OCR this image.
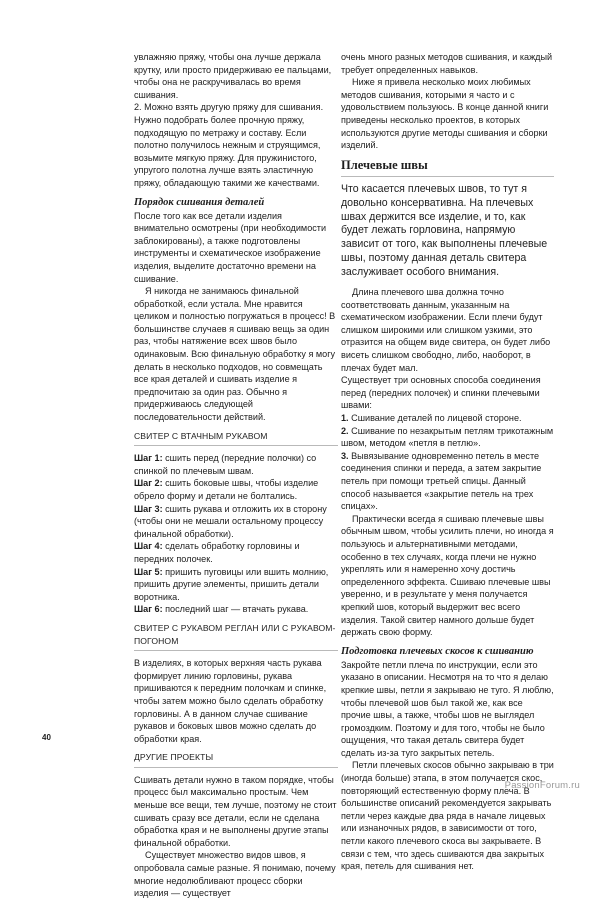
увлажняю пряжу, чтобы она лучше держала крутку, или просто придерживаю ее пальцами, чтобы она не раскручивалась во время сшивания.

2. Можно взять другую пряжу для сшивания. Нужно подобрать более прочную пряжу, подходящую по метражу и составу. Если полотно получилось нежным и струящимся, возьмите мягкую пряжу. Для пружинистого, упругого полотна лучше взять эластичную пряжу, обладающую такими же качествами.

Порядок сшивания деталей

После того как все детали изделия внимательно осмотрены (при необходимости заблокированы), а также подготовлены инструменты и схематическое изображение изделия, выделите достаточно времени на сшивание.

Я никогда не занимаюсь финальной обработкой, если устала. Мне нравится целиком и полностью погружаться в процесс! В большинстве случаев я сшиваю вещь за один раз, чтобы натяжение всех швов было одинаковым. Всю финальную обработку я могу делать в несколько подходов, но совмещать все края деталей и сшивать изделие я предпочитаю за один раз. Обычно я придерживаюсь следующей последовательности действий.

СВИТЕР С ВТАЧНЫМ РУКАВОМ

Шаг 1: сшить перед (передние полочки) со спинкой по плечевым швам.

Шаг 2: сшить боковые швы, чтобы изделие обрело форму и детали не болтались.

Шаг 3: сшить рукава и отложить их в сторону (чтобы они не мешали остальному процессу финальной обработки).

Шаг 4: сделать обработку горловины и передних полочек.

Шаг 5: пришить пуговицы или вшить молнию, пришить другие элементы, пришить детали воротника.

Шаг 6: последний шаг — втачать рукава.

СВИТЕР С РУКАВОМ РЕГЛАН ИЛИ С РУКАВОМ-ПОГОНОМ

В изделиях, в которых верхняя часть рукава формирует линию горловины, рукава пришиваются к передним полочкам и спинке, чтобы затем можно было сделать обработку горловины. А в данном случае сшивание рукавов и боковых швов можно сделать до обработки края.

ДРУГИЕ ПРОЕКТЫ

Сшивать детали нужно в таком порядке, чтобы процесс был максимально простым. Чем меньше все вещи, тем лучше, поэтому не стоит сшивать сразу все детали, если не сделана обработка края и не выполнены другие этапы финальной обработки.

Существует множество видов швов, я опробовала самые разные. Я понимаю, почему многие недолюбливают процесс сборки изделия — существует

очень много разных методов сшивания, и каждый требует определенных навыков.

Ниже я привела несколько моих любимых методов сшивания, которыми я часто и с удовольствием пользуюсь. В конце данной книги приведены несколько проектов, в которых используются другие методы сшивания и сборки изделий.

Плечевые швы

Что касается плечевых швов, то тут я довольно консервативна. На плечевых швах держится все изделие, и то, как будет лежать горловина, напрямую зависит от того, как выполнены плечевые швы, поэтому данная деталь свитера заслуживает особого внимания.

Длина плечевого шва должна точно соответствовать данным, указанным на схематическом изображении. Если плечи будут слишком широкими или слишком узкими, это отразится на общем виде свитера, он будет либо висеть слишком свободно, либо, наоборот, в плечах будет мал.

Существует три основных способа соединения перед (передних полочек) и спинки плечевыми швами:

1. Сшивание деталей по лицевой стороне.

2. Сшивание по незакрытым петлям трикотажным швом, методом «петля в петлю».

3. Вывязывание одновременно петель в месте соединения спинки и переда, а затем закрытие петель при помощи третьей спицы. Данный способ называется «закрытие петель на трех спицах».

Практически всегда я сшиваю плечевые швы обычным швом, чтобы усилить плечи, но иногда я пользуюсь и альтернативными методами, особенно в тех случаях, когда плечи не нужно укреплять или я намеренно хочу достичь определенного эффекта. Сшиваю плечевые швы уверенно, и в результате у меня получается крепкий шов, который выдержит вес всего изделия. Такой свитер намного дольше будет держать свою форму.

Подготовка плечевых скосов к сшиванию

Закройте петли плеча по инструкции, если это указано в описании. Несмотря на то что я делаю крепкие швы, петли я закрываю не туго. Я люблю, чтобы плечевой шов был такой же, как все прочие швы, а также, чтобы шов не выглядел громоздким. Поэтому и для того, чтобы не было ощущения, что такая деталь свитера будет сделать из-за туго закрытых петель.

Петли плечевых скосов обычно закрываю в три (иногда больше) этапа, в этом получается скос, повторяющий естественную форму плеча. В большинстве описаний рекомендуется закрывать петли через каждые два ряда в начале лицевых или изнаночных рядов, в зависимости от того, петли какого плечевого скоса вы закрываете. В связи с тем, что здесь сшиваются два закрытых края, петель для сшивания нет.

40
PassionForum.ru
